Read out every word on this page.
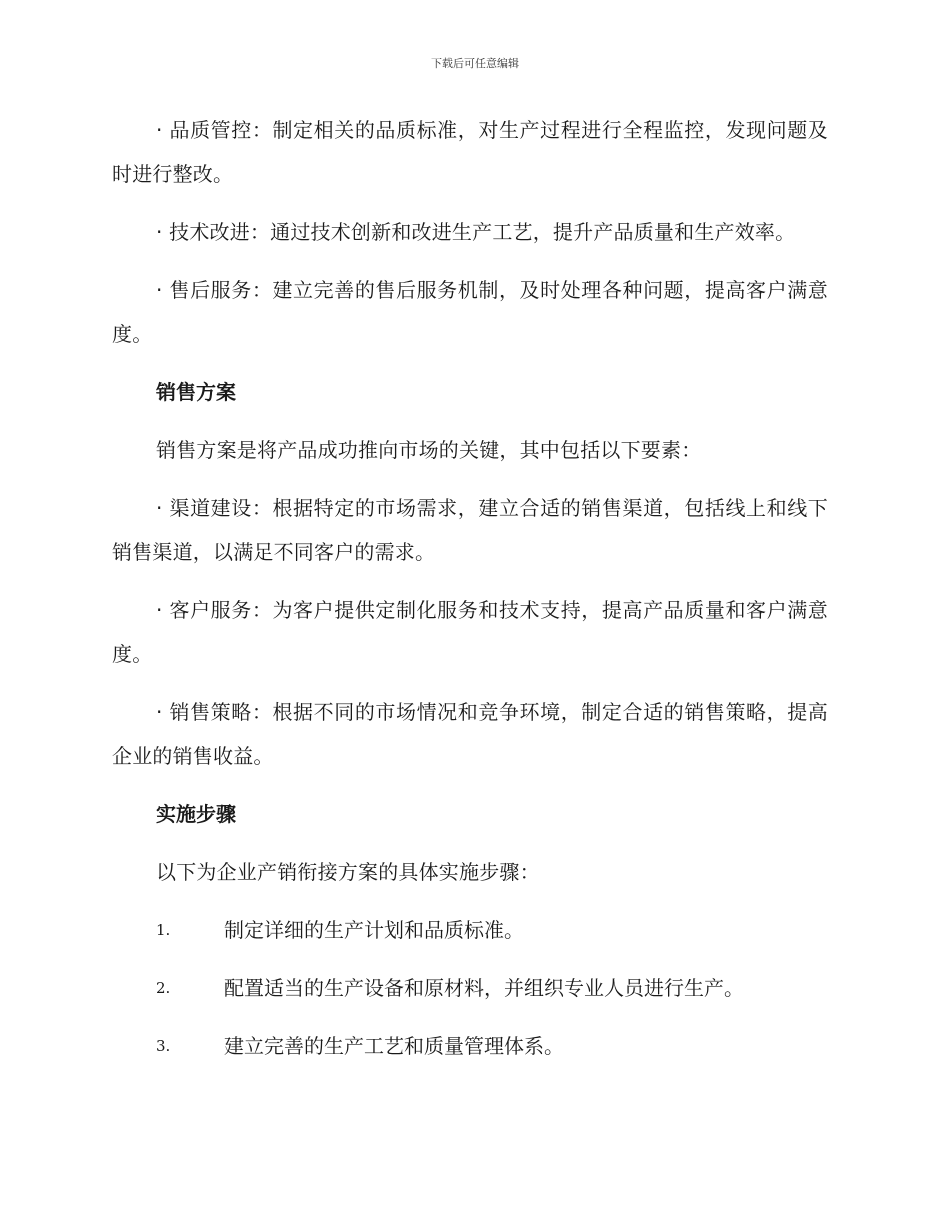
下载后可任意编辑

· 品质管控：制定相关的品质标准，对生产过程进行全程监控，发现问题及时进行整改。

· 技术改进：通过技术创新和改进生产工艺，提升产品质量和生产效率。

· 售后服务：建立完善的售后服务机制，及时处理各种问题，提高客户满意度。

销售方案

销售方案是将产品成功推向市场的关键，其中包括以下要素：

· 渠道建设：根据特定的市场需求，建立合适的销售渠道，包括线上和线下销售渠道，以满足不同客户的需求。

· 客户服务：为客户提供定制化服务和技术支持，提高产品质量和客户满意度。

· 销售策略：根据不同的市场情况和竞争环境，制定合适的销售策略，提高企业的销售收益。

实施步骤

以下为企业产销衔接方案的具体实施步骤：

1.	制定详细的生产计划和品质标准。
2.	配置适当的生产设备和原材料，并组织专业人员进行生产。
3.	建立完善的生产工艺和质量管理体系。
